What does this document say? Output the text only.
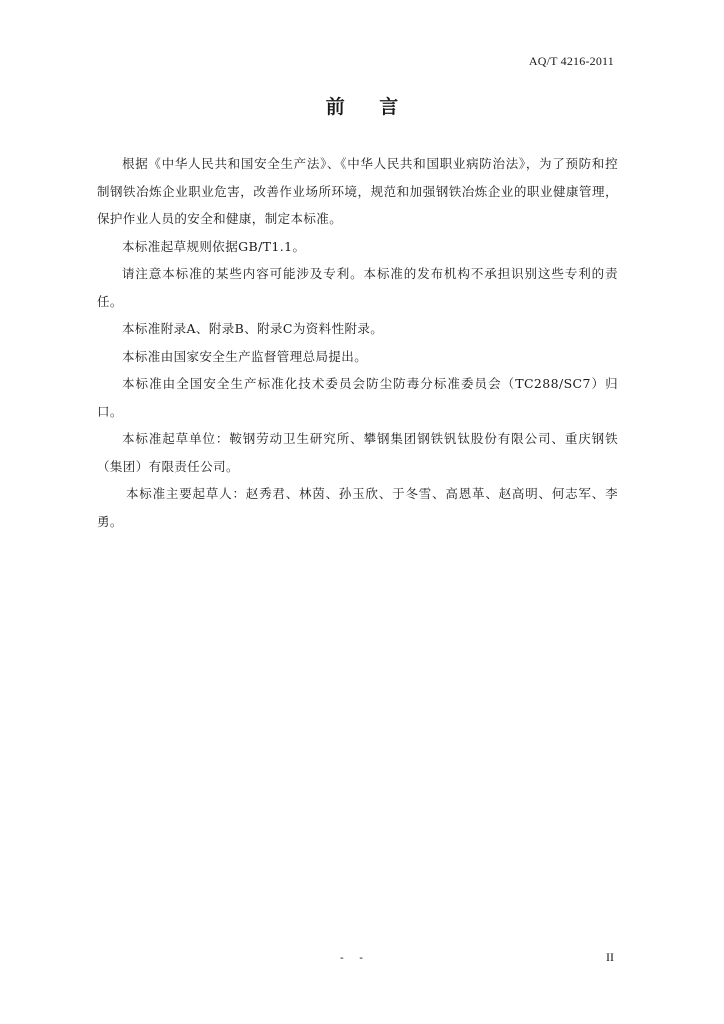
AQ/T 4216-2011
前 言

根据《中华人民共和国安全生产法》、《中华人民共和国职业病防治法》，为了预防和控制钢铁冶炼企业职业危害，改善作业场所环境，规范和加强钢铁冶炼企业的职业健康管理，保护作业人员的安全和健康，制定本标准。

本标准起草规则依据GB/T1.1。

请注意本标准的某些内容可能涉及专利。本标准的发布机构不承担识别这些专利的责任。

本标准附录A、附录B、附录C为资料性附录。

本标准由国家安全生产监督管理总局提出。

本标准由全国安全生产标准化技术委员会防尘防毒分标准委员会（TC288/SC7）归口。

本标准起草单位：鞍钢劳动卫生研究所、攀钢集团钢铁钒钛股份有限公司、重庆钢铁（集团）有限责任公司。

本标准主要起草人：赵秀君、林茵、孙玉欣、于冬雪、高恩革、赵高明、何志军、李勇。

- -	II
